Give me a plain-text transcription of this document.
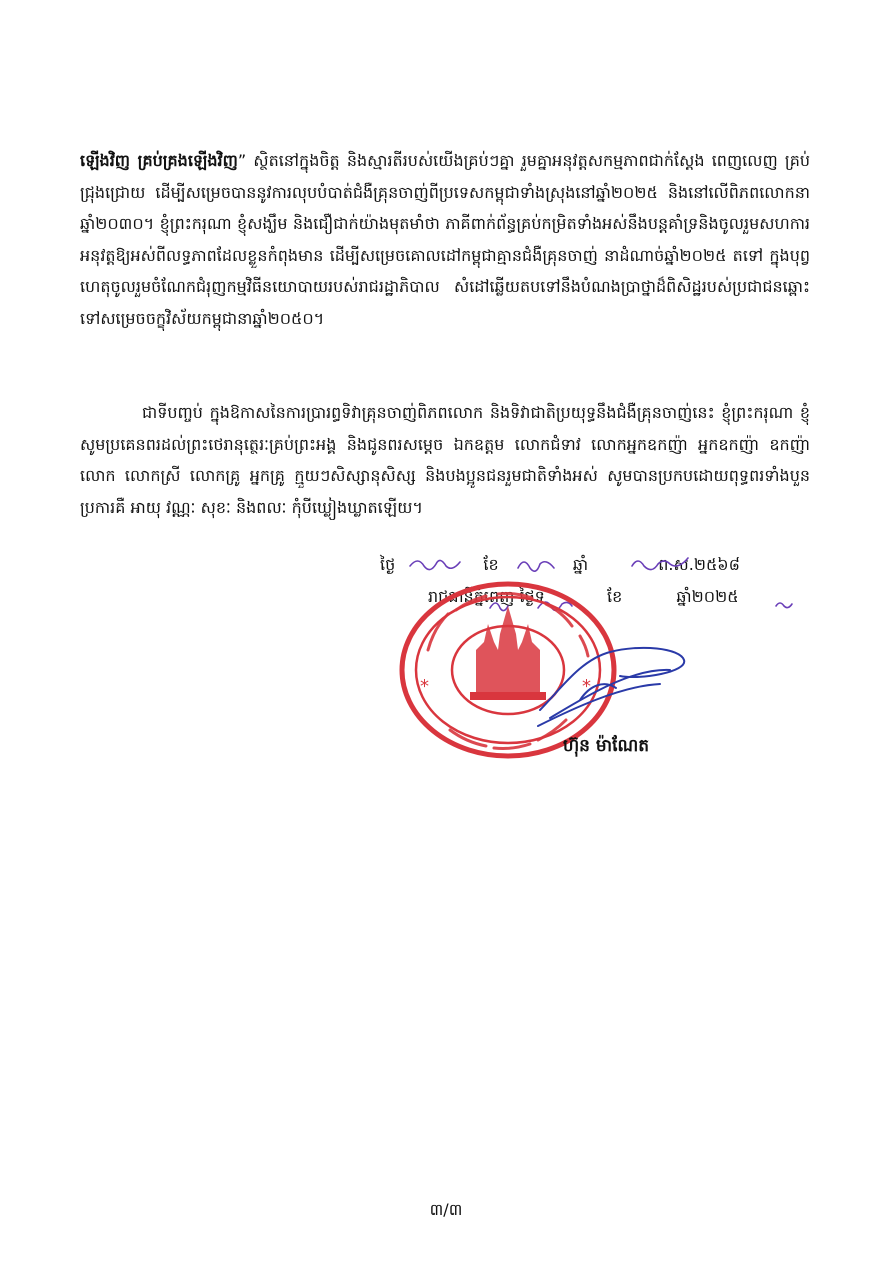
ឡើងវិញ គ្រប់គ្រងឡើងវិញ” ស្ថិតនៅក្នុងចិត្ត និងស្មារតីរបស់យើងគ្រប់ៗគ្នា រួមគ្នាអនុវត្តសកម្មភាពជាក់ស្តែង ពេញលេញ គ្រប់ជ្រុងជ្រោយ ដើម្បីសម្រេចបាននូវការលុបបំបាត់ជំងឺគ្រុនចាញ់ពីប្រទេសកម្ពុជាទាំងស្រុងនៅឆ្នាំ២០២៥ និងនៅលើពិភពលោកនាឆ្នាំ២០៣០។ ខ្ញុំព្រះករុណា ខ្ញុំសង្ឃឹម និងជឿជាក់យ៉ាងមុតមាំថា ភាគីពាក់ព័ន្ធគ្រប់កម្រិតទាំងអស់នឹងបន្តគាំទ្រនិងចូលរួមសហការអនុវត្តឱ្យអស់ពីលទ្ធភាពដែលខ្លួនកំពុងមាន ដើម្បីសម្រេចគោលដៅកម្ពុជាគ្មានជំងឺគ្រុនចាញ់ នាដំណាច់ឆ្នាំ២០២៥ តទៅ ក្នុងបុព្វហេតុចូលរួមចំណែកជំរុញកម្មវិធីនយោបាយរបស់រាជរដ្ឋាភិបាល សំដៅឆ្លើយតបទៅនឹងបំណងប្រាថ្នាដ៏ពិសិដ្ឋរបស់ប្រជាជនឆ្ពោះទៅសម្រេចចក្ខុវិស័យកម្ពុជានាឆ្នាំ២០៥០។

ជាទីបញ្ចប់ ក្នុងឱកាសនៃការប្រារព្ធទិវាគ្រុនចាញ់ពិភពលោក និងទិវាជាតិប្រយុទ្ធនឹងជំងឺគ្រុនចាញ់នេះ ខ្ញុំព្រះករុណា ខ្ញុំសូមប្រគេនពរដល់ព្រះថេរានុត្ថេរៈគ្រប់ព្រះអង្គ និងជូនពរសម្តេច ឯកឧត្តម លោកជំទាវ លោកអ្នកឧកញ៉ា អ្នកឧកញ៉ា ឧកញ៉ា លោក លោកស្រី លោកគ្រូ អ្នកគ្រូ ក្មួយៗសិស្សានុសិស្ស និងបងប្អូនជនរួមជាតិទាំងអស់ សូមបានប្រកបដោយពុទ្ធពរទាំងបួនប្រការគឺ អាយុ វណ្ណៈ សុខៈ និងពលៈ កុំបីឃ្លៀងឃ្លាតឡើយ។

ថ្ងៃ	ខែ	ឆ្នាំ	ព.ស.២៥៦៨
រាជធានីភ្នំពេញ ថ្ងៃទី	ខែ	ឆ្នាំ២០២៥
*	*
ហ៊ុន ម៉ាណែត
៣/៣
